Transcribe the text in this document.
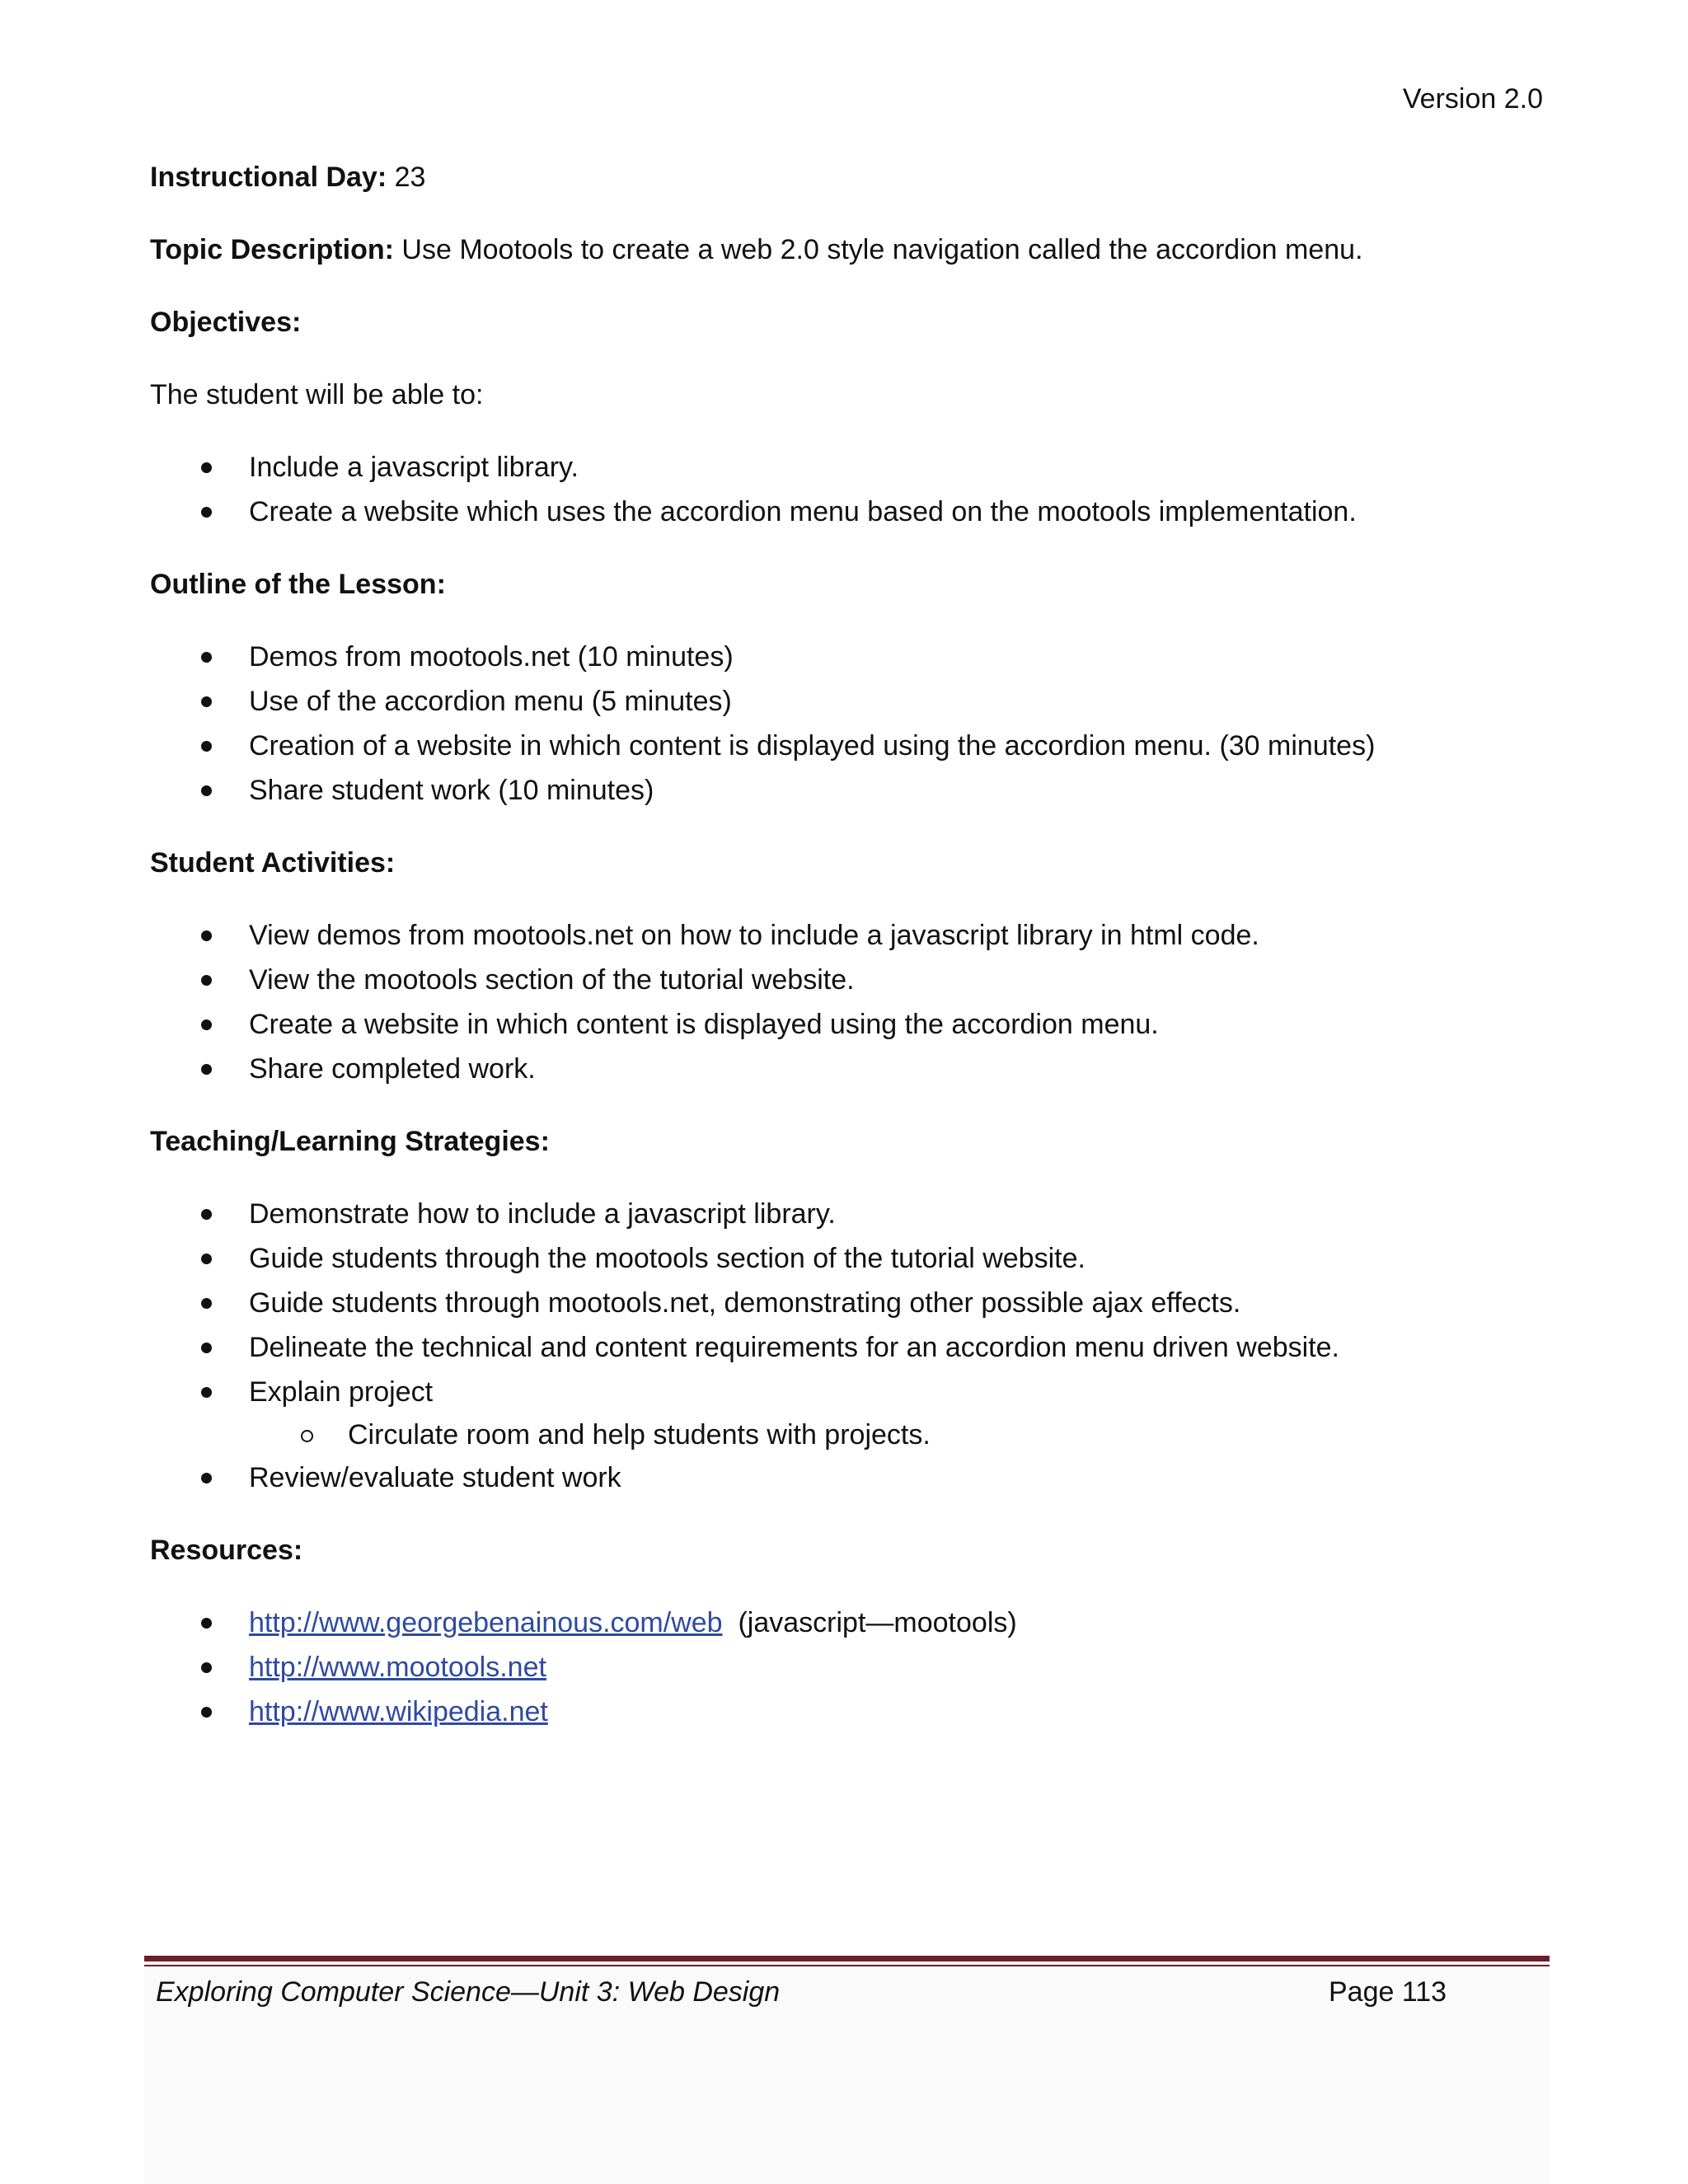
Version 2.0

Instructional Day: 23

Topic Description: Use Mootools to create a web 2.0 style navigation called the accordion menu.

Objectives:

The student will be able to:

Include a javascript library.
Create a website which uses the accordion menu based on the mootools implementation.

Outline of the Lesson:

Demos from mootools.net (10 minutes)
Use of the accordion menu (5 minutes)
Creation of a website in which content is displayed using the accordion menu. (30 minutes)
Share student work (10 minutes)

Student Activities:

View demos from mootools.net on how to include a javascript library in html code.
View the mootools section of the tutorial website.
Create a website in which content is displayed using the accordion menu.
Share completed work.

Teaching/Learning Strategies:

Demonstrate how to include a javascript library.
Guide students through the mootools section of the tutorial website.
Guide students through mootools.net, demonstrating other possible ajax effects.
Delineate the technical and content requirements for an accordion menu driven website.
Explain project
Circulate room and help students with projects.
Review/evaluate student work

Resources:

http://www.georgebenainous.com/web (javascript—mootools)
http://www.mootools.net
http://www.wikipedia.net
Exploring Computer Science—Unit 3: Web Design	Page 113
